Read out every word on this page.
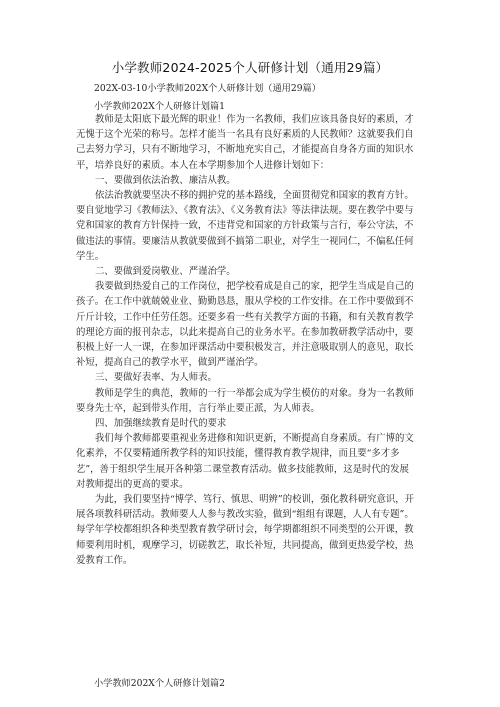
小学教师2024-2025个人研修计划（通用29篇）
202X-03-10小学教师202X个人研修计划（通用29篇）
小学教师202X个人研修计划篇1

教师是太阳底下最光辉的职业！作为一名教师，我们应该具备良好的素质，才无愧于这个光荣的称号。怎样才能当一名具有良好素质的人民教师？这就要我们自己去努力学习，只有不断地学习，不断地充实自己，才能提高自身各方面的知识水平，培养良好的素质。本人在本学期参加个人进修计划如下：

一、要做到依法治教、廉洁从教。

依法治教就要坚决不移的拥护党的基本路线，全面贯彻党和国家的教育方针。要自觉地学习《教师法》、《教育法》、《义务教育法》等法律法规。要在教学中要与党和国家的教育方针保持一致，不违背党和国家的方针政策与言行，奉公守法，不做违法的事情。要廉洁从教就要做到不搞第二职业，对学生一视同仁，不偏私任何学生。

二、要做到爱岗敬业、严谨治学。

我要做到热爱自己的工作岗位，把学校看成是自己的家，把学生当成是自己的孩子。在工作中就兢兢业业、勤勤恳恳，服从学校的工作安排。在工作中要做到不斤斤计较，工作中任劳任怨。还要多看一些有关教学方面的书籍，和有关教育教学的理论方面的报刊杂志，以此来提高自己的业务水平。在参加教研教学活动中，要积极上好一人一课，在参加评课活动中要积极发言，并注意吸取别人的意见，取长补短，提高自己的教学水平，做到严谨治学。

三、要做好表率、为人师表。

教师是学生的典范，教师的一行一举都会成为学生模仿的对象。身为一名教师要身先士卒，起到带头作用，言行举止要正派，为人师表。

四、加强继续教育是时代的要求

我们每个教师都要重视业务进修和知识更新，不断提高自身素质。有广博的文化素养，不仅要精通所教学科的知识技能，懂得教育教学规律，而且要“多才多艺”，善于组织学生展开各种第二课堂教育活动。做多技能教师，这是时代的发展对教师提出的更高的要求。

为此，我们要坚持“博学、笃行、慎思、明辨”的校训，强化教科研究意识，开展各项教科研活动。教师要人人参与教改实验，做到“组组有课题，人人有专题”。每学年学校都组织各种类型教育教学研讨会，每学期都组织不同类型的公开课，教师要利用时机，观摩学习，切磋教艺，取长补短，共同提高，做到更热爱学校，热爱教育工作。

小学教师202X个人研修计划篇2
